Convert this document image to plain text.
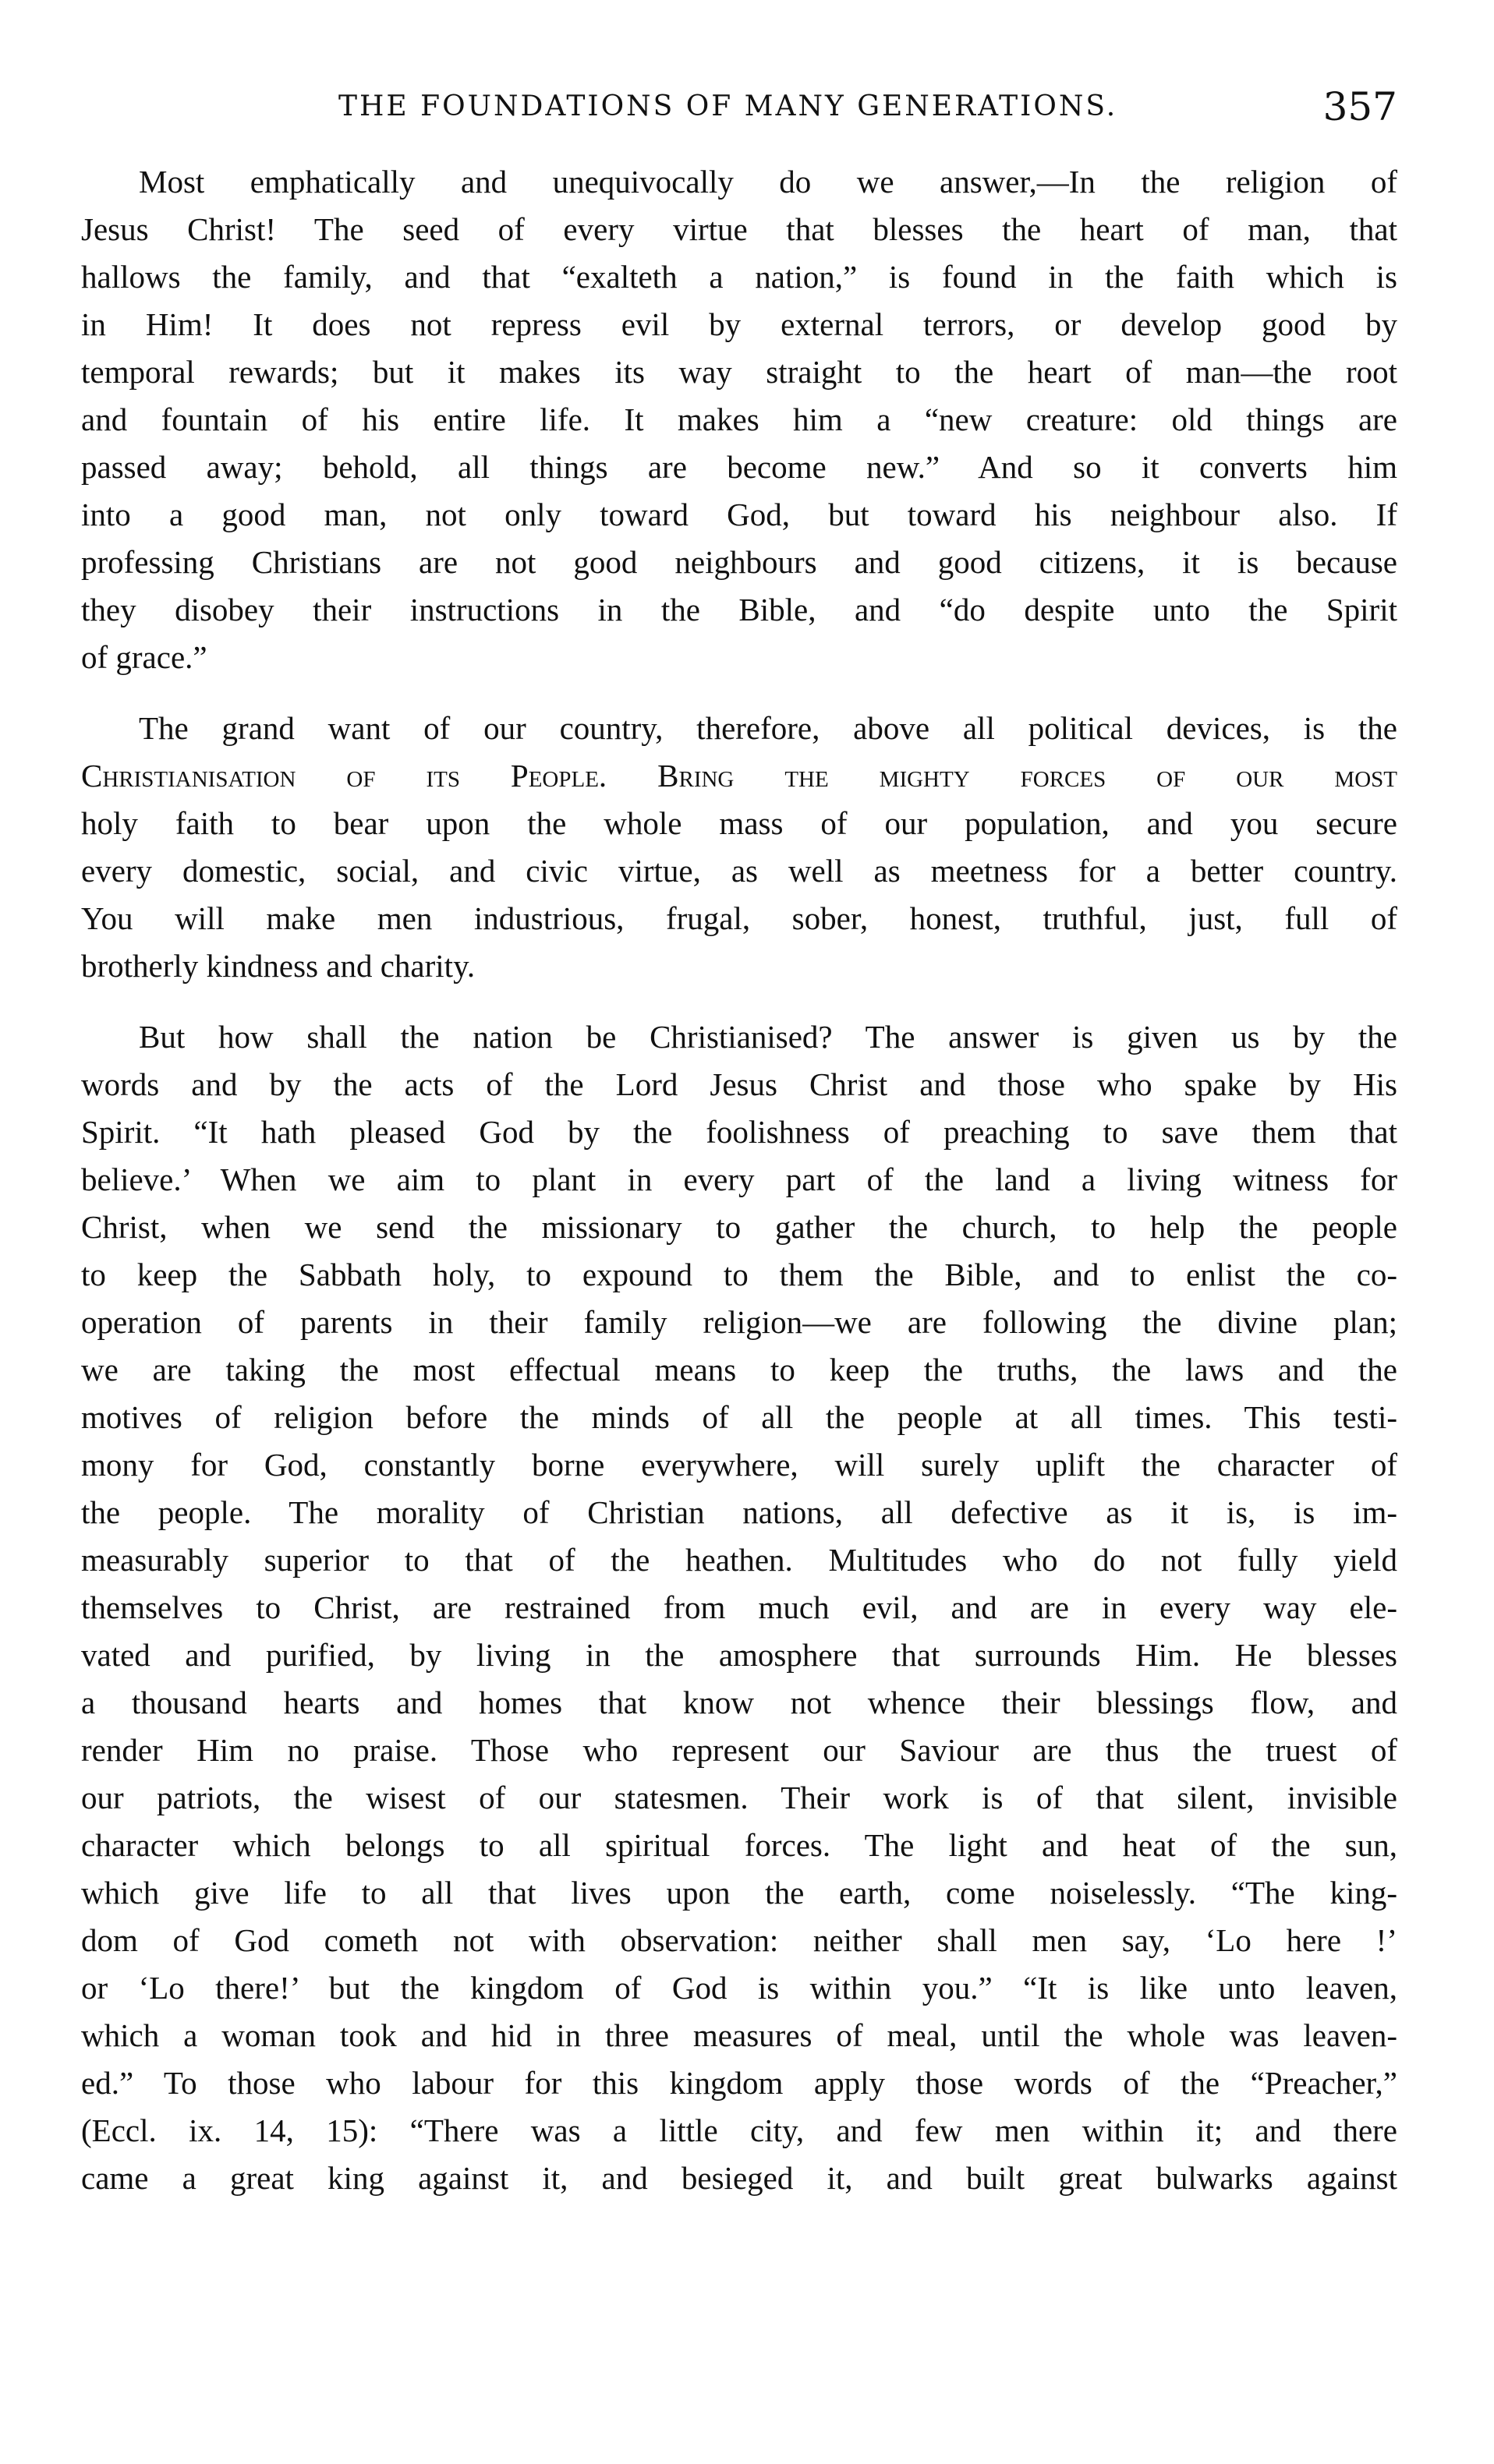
THE FOUNDATIONS OF MANY GENERATIONS.	357
Most emphatically and unequivocally do we answer,—In the religion of
Jesus Christ! The seed of every virtue that blesses the heart of man, that
hallows the family, and that “exalteth a nation,” is found in the faith which is
in Him! It does not repress evil by external terrors, or develop good by
temporal rewards; but it makes its way straight to the heart of man—the root
and fountain of his entire life. It makes him a “new creature: old things are
passed away; behold, all things are become new.” And so it converts him
into a good man, not only toward God, but toward his neighbour also. If
professing Christians are not good neighbours and good citizens, it is because
they disobey their instructions in the Bible, and “do despite unto the Spirit
of grace.”
The grand want of our country, therefore, above all political devices, is the
Christianisation of its People. Bring the mighty forces of our most
holy faith to bear upon the whole mass of our population, and you secure
every domestic, social, and civic virtue, as well as meetness for a better country.
You will make men industrious, frugal, sober, honest, truthful, just, full of
brotherly kindness and charity.
But how shall the nation be Christianised? The answer is given us by the
words and by the acts of the Lord Jesus Christ and those who spake by His
Spirit. “It hath pleased God by the foolishness of preaching to save them that
believe.’ When we aim to plant in every part of the land a living witness for
Christ, when we send the missionary to gather the church, to help the people
to keep the Sabbath holy, to expound to them the Bible, and to enlist the co-
operation of parents in their family religion—we are following the divine plan;
we are taking the most effectual means to keep the truths, the laws and the
motives of religion before the minds of all the people at all times. This testi-
mony for God, constantly borne everywhere, will surely uplift the character of
the people. The morality of Christian nations, all defective as it is, is im-
measurably superior to that of the heathen. Multitudes who do not fully yield
themselves to Christ, are restrained from much evil, and are in every way ele-
vated and purified, by living in the amosphere that surrounds Him. He blesses
a thousand hearts and homes that know not whence their blessings flow, and
render Him no praise. Those who represent our Saviour are thus the truest of
our patriots, the wisest of our statesmen. Their work is of that silent, invisible
character which belongs to all spiritual forces. The light and heat of the sun,
which give life to all that lives upon the earth, come noiselessly. “The king-
dom of God cometh not with observation: neither shall men say, ‘Lo here !’
or ‘Lo there!’ but the kingdom of God is within you.” “It is like unto leaven,
which a woman took and hid in three measures of meal, until the whole was leaven-
ed.” To those who labour for this kingdom apply those words of the “Preacher,”
(Eccl. ix. 14, 15): “There was a little city, and few men within it; and there
came a great king against it, and besieged it, and built great bulwarks against
